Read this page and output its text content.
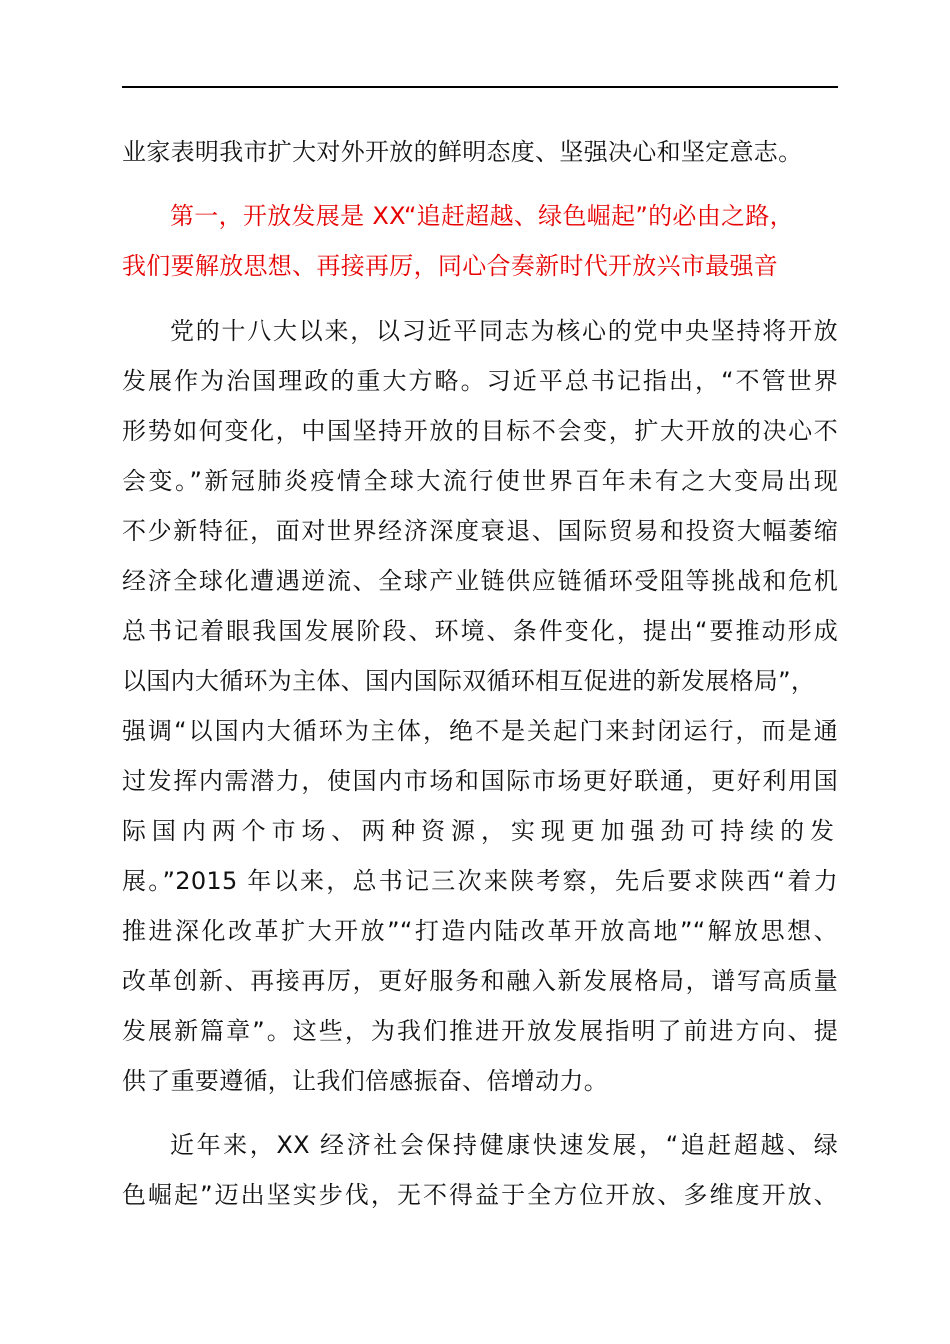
业家表明我市扩大对外开放的鲜明态度、坚强决心和坚定意志。
第一，开放发展是 XX“追赶超越、绿色崛起”的必由之路，
我们要解放思想、再接再厉，同心合奏新时代开放兴市最强音
党的十八大以来，以习近平同志为核心的党中央坚持将开放
发展作为治国理政的重大方略。习近平总书记指出，“不管世界
形势如何变化，中国坚持开放的目标不会变，扩大开放的决心不
会变。”新冠肺炎疫情全球大流行使世界百年未有之大变局出现
不少新特征，面对世界经济深度衰退、国际贸易和投资大幅萎缩
经济全球化遭遇逆流、全球产业链供应链循环受阻等挑战和危机
总书记着眼我国发展阶段、环境、条件变化，提出“要推动形成
以国内大循环为主体、国内国际双循环相互促进的新发展格局”，
强调“以国内大循环为主体，绝不是关起门来封闭运行，而是通
过发挥内需潜力，使国内市场和国际市场更好联通，更好利用国
际国内两个市场、两种资源，实现更加强劲可持续的发
展。”2015 年以来，总书记三次来陕考察，先后要求陕西“着力
推进深化改革扩大开放”“打造内陆改革开放高地”“解放思想、
改革创新、再接再厉，更好服务和融入新发展格局，谱写高质量
发展新篇章”。这些，为我们推进开放发展指明了前进方向、提
供了重要遵循，让我们倍感振奋、倍增动力。
近年来，XX 经济社会保持健康快速发展，“追赶超越、绿
色崛起”迈出坚实步伐，无不得益于全方位开放、多维度开放、
